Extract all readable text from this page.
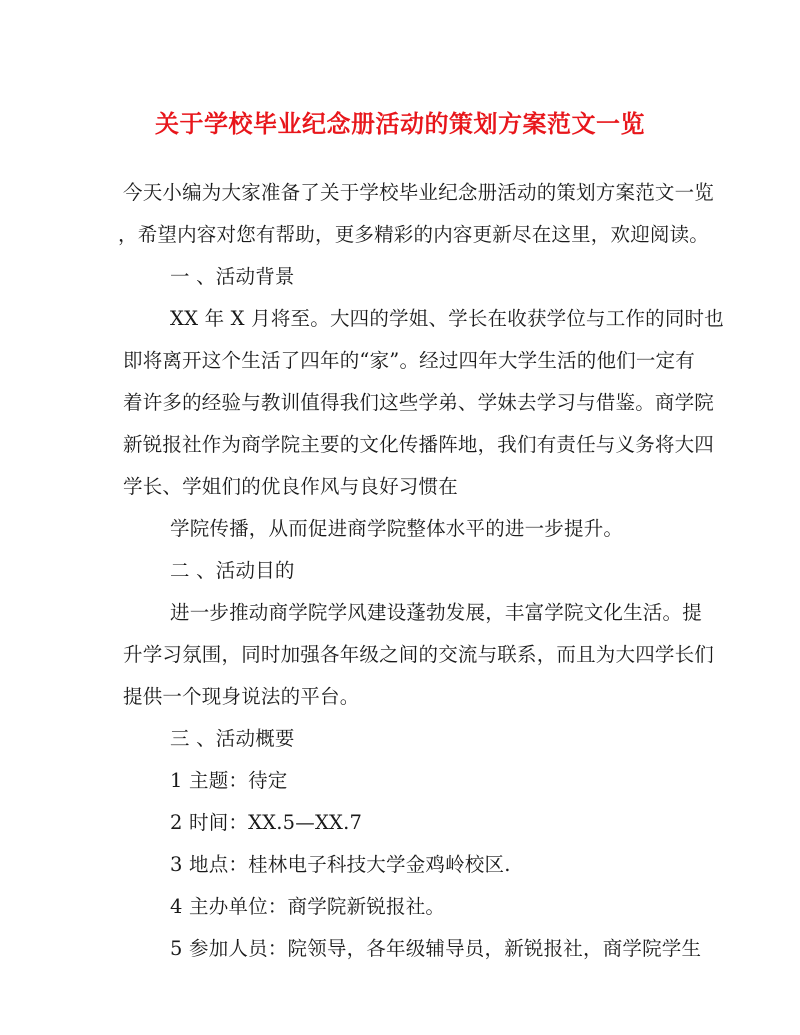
关于学校毕业纪念册活动的策划方案范文一览
今天小编为大家准备了关于学校毕业纪念册活动的策划方案范文一览
，希望内容对您有帮助，更多精彩的内容更新尽在这里，欢迎阅读。
一 、活动背景
XX 年 X 月将至。大四的学姐、学长在收获学位与工作的同时也
即将离开这个生活了四年的“家”。经过四年大学生活的他们一定有
着许多的经验与教训值得我们这些学弟、学妹去学习与借鉴。商学院
新锐报社作为商学院主要的文化传播阵地，我们有责任与义务将大四
学长、学姐们的优良作风与良好习惯在
学院传播，从而促进商学院整体水平的进一步提升。
二 、活动目的
进一步推动商学院学风建设蓬勃发展，丰富学院文化生活。提
升学习氛围，同时加强各年级之间的交流与联系，而且为大四学长们
提供一个现身说法的平台。
三 、活动概要
1 主题：待定
2 时间：XX.5—XX.7
3 地点：桂林电子科技大学金鸡岭校区.
4 主办单位：商学院新锐报社。
5 参加人员：院领导，各年级辅导员，新锐报社，商学院学生
